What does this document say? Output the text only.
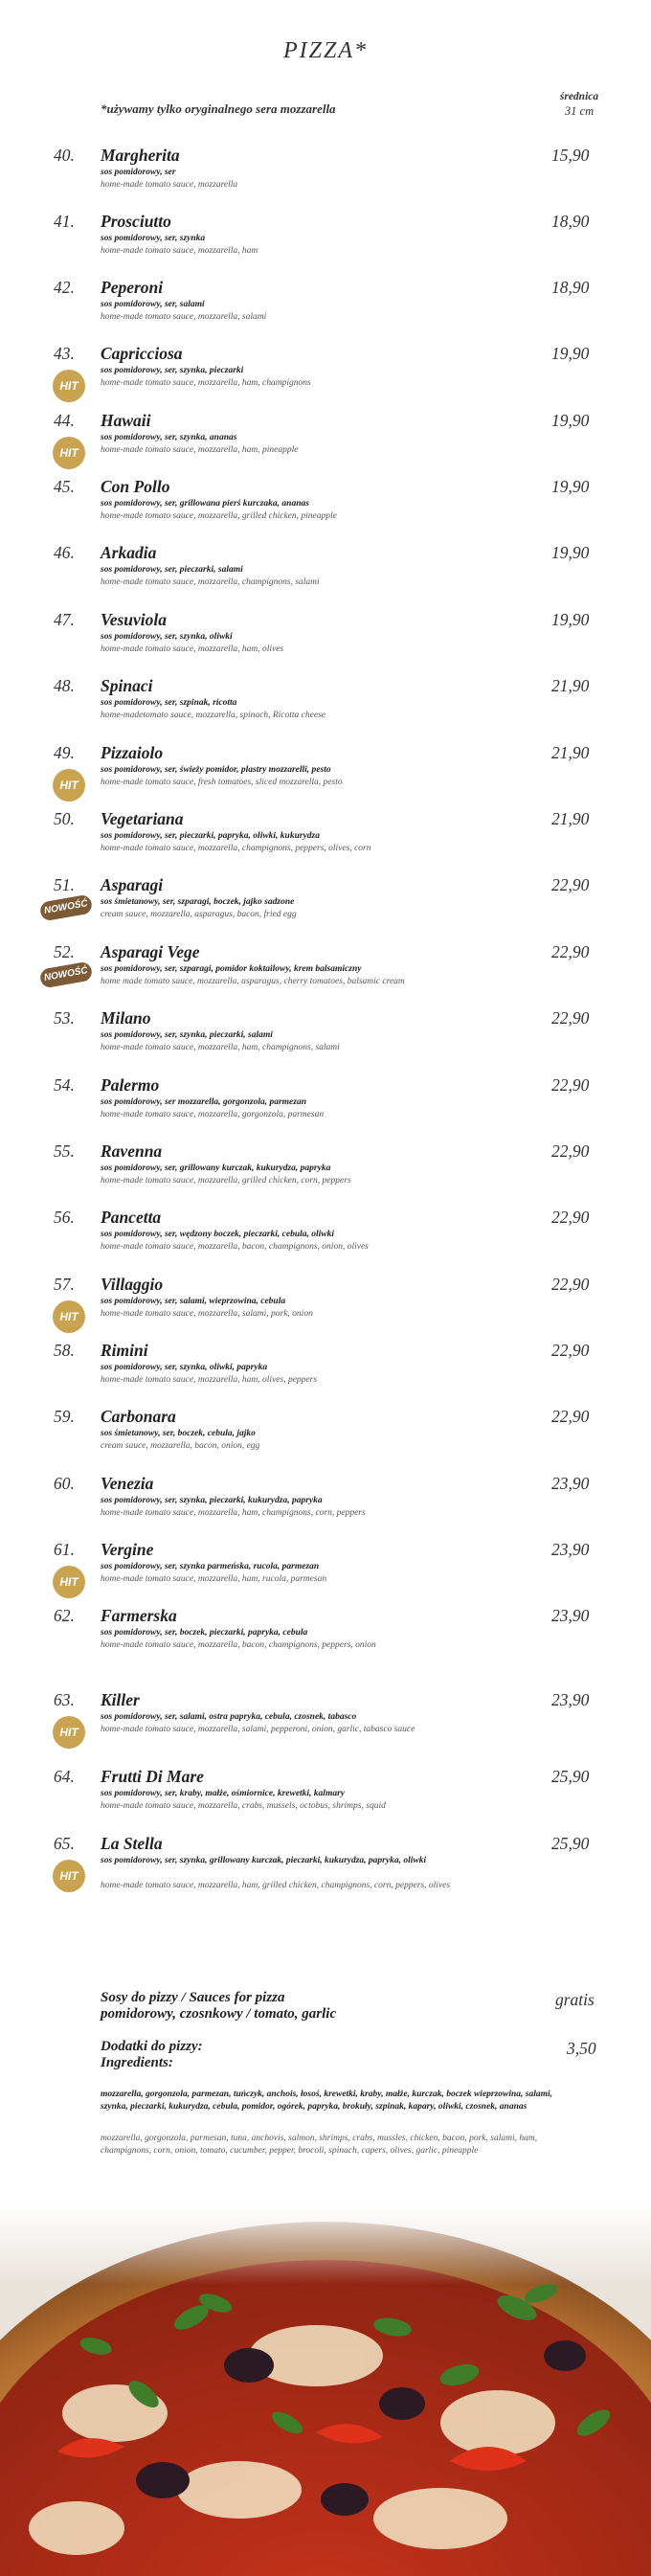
PIZZA*
*używamy tylko oryginalnego sera mozzarella
średnica
31 cm
40. Margherita	15,90
sos pomidorowy, ser
home-made tomato sauce, mozzarella
41. Prosciutto	18,90
sos pomidorowy, ser, szynka
home-made tomato sauce, mozzarella, ham
42. Peperoni	18,90
sos pomidorowy, ser, salami
home-made tomato sauce, mozzarella, salami
43. Capricciosa	19,90
sos pomidorowy, ser, szynka, pieczarki
home-made tomato sauce, mozzarella, ham, champignons
HIT
44. Hawaii	19,90
sos pomidorowy, ser, szynka, ananas
home-made tomato sauce, mozzarella, ham, pineapple
HIT
45. Con Pollo	19,90
sos pomidorowy, ser, grillowana pierś kurczaka, ananas
home-made tomato sauce, mozzarella, grilled chicken, pineapple
46. Arkadia	19,90
sos pomidorowy, ser, pieczarki, salami
home-made tomato sauce, mozzarella, champignons, salami
47. Vesuviola	19,90
sos pomidorowy, ser, szynka, oliwki
home-made tomato sauce, mozzarella, ham, olives
48. Spinaci	21,90
sos pomidorowy, ser, szpinak, ricotta
home-madetomato sauce, mozzarella, spinach, Ricotta cheese
49. Pizzaiolo	21,90
sos pomidorowy, ser, świeży pomidor, plastry mozzarelli, pesto
home-made tomato sauce, fresh tomatoes, sliced mozzarella, pesto
HIT
50. Vegetariana	21,90
sos pomidorowy, ser, pieczarki, papryka, oliwki, kukurydza
home-made tomato sauce, mozzarella, champignons, peppers, olives, corn
51. Asparagi	22,90
sos śmietanowy, ser, szparagi, boczek, jajko sadzone
cream sauce, mozzarella, asparagus, bacon, fried egg
NOWOŚĆ
52. Asparagi Vege	22,90
sos pomidorowy, ser, szparagi, pomidor koktailowy, krem balsamiczny
home made tomato sauce, mozzarella, asparagus, cherry tomatoes, balsamic cream
NOWOŚĆ
53. Milano	22,90
sos pomidorowy, ser, szynka, pieczarki, salami
home-made tomato sauce, mozzarella, ham, champignons, salami
54. Palermo	22,90
sos pomidorowy, ser mozzarella, gorgonzola, parmezan
home-made tomato sauce, mozzarella, gorgonzola, parmesan
55. Ravenna	22,90
sos pomidorowy, ser, grillowany kurczak, kukurydza, papryka
home-made tomato sauce, mozzarella, grilled chicken, corn, peppers
56. Pancetta	22,90
sos pomidorowy, ser, wędzony boczek, pieczarki, cebula, oliwki
home-made tomato sauce, mozzarella, bacon, champignons, onion, olives
57. Villaggio	22,90
sos pomidorowy, ser, salami, wieprzowina, cebula
home-made tomato sauce, mozzarella, salami, pork, onion
HIT
58. Rimini	22,90
sos pomidorowy, ser, szynka, oliwki, papryka
home-made tomato sauce, mozzarella, ham, olives, peppers
59. Carbonara	22,90
sos śmietanowy, ser, boczek, cebula, jajko
cream sauce, mozzarella, bacon, onion, egg
60. Venezia	23,90
sos pomidorowy, ser, szynka, pieczarki, kukurydza, papryka
home-made tomato sauce, mozzarella, ham, champignons, corn, peppers
61. Vergine	23,90
sos pomidorowy, ser, szynka parmeńska, rucola, parmezan
home-made tomato sauce, mozzarella, ham, rucola, parmesan
HIT
62. Farmerska	23,90
sos pomidorowy, ser, boczek, pieczarki, papryka, cebula
home-made tomato sauce, mozzarella, bacon, champignons, peppers, onion
63. Killer	23,90
sos pomidorowy, ser, salami, ostra papryka, cebula, czosnek, tabasco
home-made tomato sauce, mozzarella, salami, pepperoni, onion, garlic, tabasco sauce
HIT
64. Frutti Di Mare	25,90
sos pomidorowy, ser, kraby, małże, ośmiornice, krewetki, kalmary
home-made tomato sauce, mozzarella, crabs, mussels, octobus, shrimps, squid
65. La Stella	25,90
sos pomidorowy, ser, szynka, grillowany kurczak, pieczarki, kukurydza, papryka, oliwki
home-made tomato sauce, mozzarella, ham, grilled chicken, champignons, corn, peppers, olives
HIT
Sosy do pizzy / Sauces for pizza
pomidorowy, czosnkowy / tomato, garlic
gratis
Dodatki do pizzy:
Ingredients:
3,50
mozzarella, gorgonzola, parmezan, tuńczyk, anchois, łosoś, krewetki, kraby, małże, kurczak, boczek wieprzowina, salami, szynka, pieczarki, kukurydza, cebula, pomidor, ogórek, papryka, brokuły, szpinak, kapary, oliwki, czosnek, ananas
mozzarella, gorgonzola, parmesan, tuna, anchovis, salmon, shrimps, crabs, mussles, chicken, bacon, pork, salami, ham, champignons, corn, onion, tomato, cucumber, pepper, brocoli, spinach, capers, olives, garlic, pineapple
